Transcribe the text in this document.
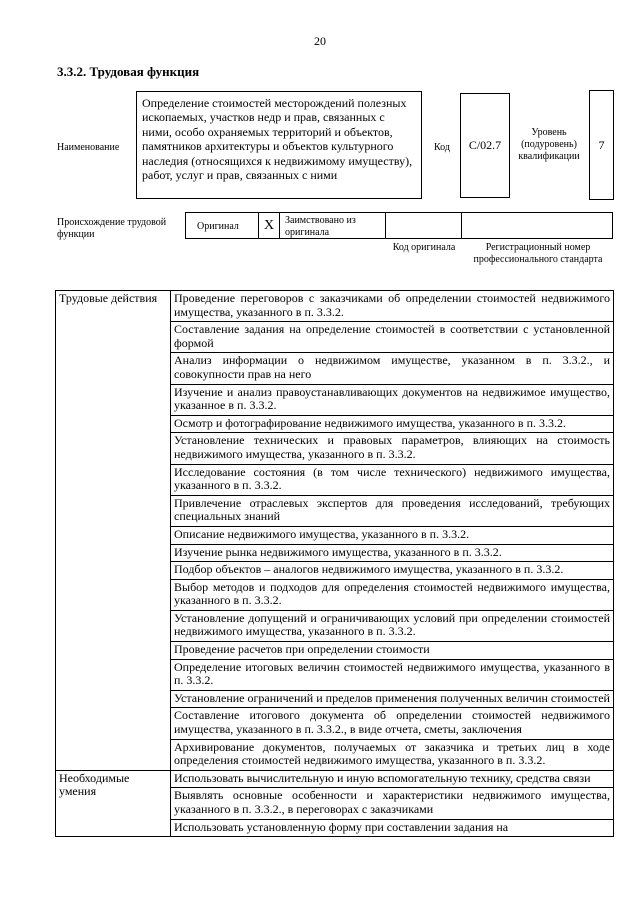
20
3.3.2. Трудовая функция
Наименование
Определение стоимостей месторождений полезных ископаемых, участков недр и прав, связанных с ними, особо охраняемых территорий и объектов, памятников архитектуры и объектов культурного наследия (относящихся к недвижимому имуществу), работ, услуг и прав, связанных с ними
Код C/02.7
Уровень (подуровень) квалификации
7
Происхождение трудовой функции
Оригинал X Заимствовано из оригинала
Код оригинала	Регистрационный номер профессионального стандарта
Трудовые действия	Проведение переговоров с заказчиками об определении стоимостей недвижимого имущества, указанного в п. 3.3.2.
	Составление задания на определение стоимостей в соответствии с установленной формой
	Анализ информации о недвижимом имуществе, указанном в п. 3.3.2., и совокупности прав на него
	Изучение и анализ правоустанавливающих документов на недвижимое имущество, указанное в п. 3.3.2.
	Осмотр и фотографирование недвижимого имущества, указанного в п. 3.3.2.
	Установление технических и правовых параметров, влияющих на стоимость недвижимого имущества, указанного в п. 3.3.2.
	Исследование состояния (в том числе технического) недвижимого имущества, указанного в п. 3.3.2.
	Привлечение отраслевых экспертов для проведения исследований, требующих специальных знаний
	Описание недвижимого имущества, указанного в п. 3.3.2.
	Изучение рынка недвижимого имущества, указанного в п. 3.3.2.
	Подбор объектов – аналогов недвижимого имущества, указанного в п. 3.3.2.
	Выбор методов и подходов для определения стоимостей недвижимого имущества, указанного в п. 3.3.2.
	Установление допущений и ограничивающих условий при определении стоимостей недвижимого имущества, указанного в п. 3.3.2.
	Проведение расчетов при определении стоимости
	Определение итоговых величин стоимостей недвижимого имущества, указанного в п. 3.3.2.
	Установление ограничений и пределов применения полученных величин стоимостей
	Составление итогового документа об определении стоимостей недвижимого имущества, указанного в п. 3.3.2., в виде отчета, сметы, заключения
	Архивирование документов, получаемых от заказчика и третьих лиц в ходе определения стоимостей недвижимого имущества, указанного в п. 3.3.2.
Необходимые умения	Использовать вычислительную и иную вспомогательную технику, средства связи
	Выявлять основные особенности и характеристики недвижимого имущества, указанного в п. 3.3.2., в переговорах с заказчиками
	Использовать установленную форму при составлении задания на
